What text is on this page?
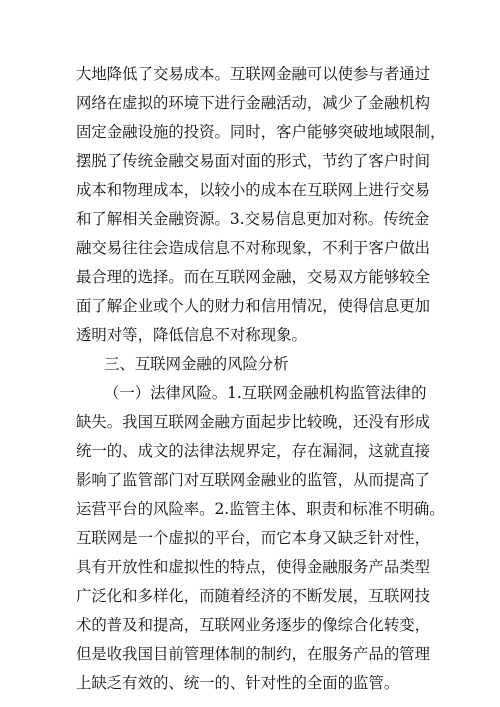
大地降低了交易成本。互联网金融可以使参与者通过
网络在虚拟的环境下进行金融活动，减少了金融机构
固定金融设施的投资。同时，客户能够突破地域限制，
摆脱了传统金融交易面对面的形式，节约了客户时间
成本和物理成本，以较小的成本在互联网上进行交易
和了解相关金融资源。3.交易信息更加对称。传统金
融交易往往会造成信息不对称现象，不利于客户做出
最合理的选择。而在互联网金融，交易双方能够较全
面了解企业或个人的财力和信用情况，使得信息更加
透明对等，降低信息不对称现象。
三、互联网金融的风险分析
（一）法律风险。1.互联网金融机构监管法律的
缺失。我国互联网金融方面起步比较晚，还没有形成
统一的、成文的法律法规界定，存在漏洞，这就直接
影响了监管部门对互联网金融业的监管，从而提高了
运营平台的风险率。2.监管主体、职责和标准不明确。
互联网是一个虚拟的平台，而它本身又缺乏针对性，
具有开放性和虚拟性的特点，使得金融服务产品类型
广泛化和多样化，而随着经济的不断发展，互联网技
术的普及和提高，互联网业务逐步的像综合化转变，
但是收我国目前管理体制的制约，在服务产品的管理
上缺乏有效的、统一的、针对性的全面的监管。
